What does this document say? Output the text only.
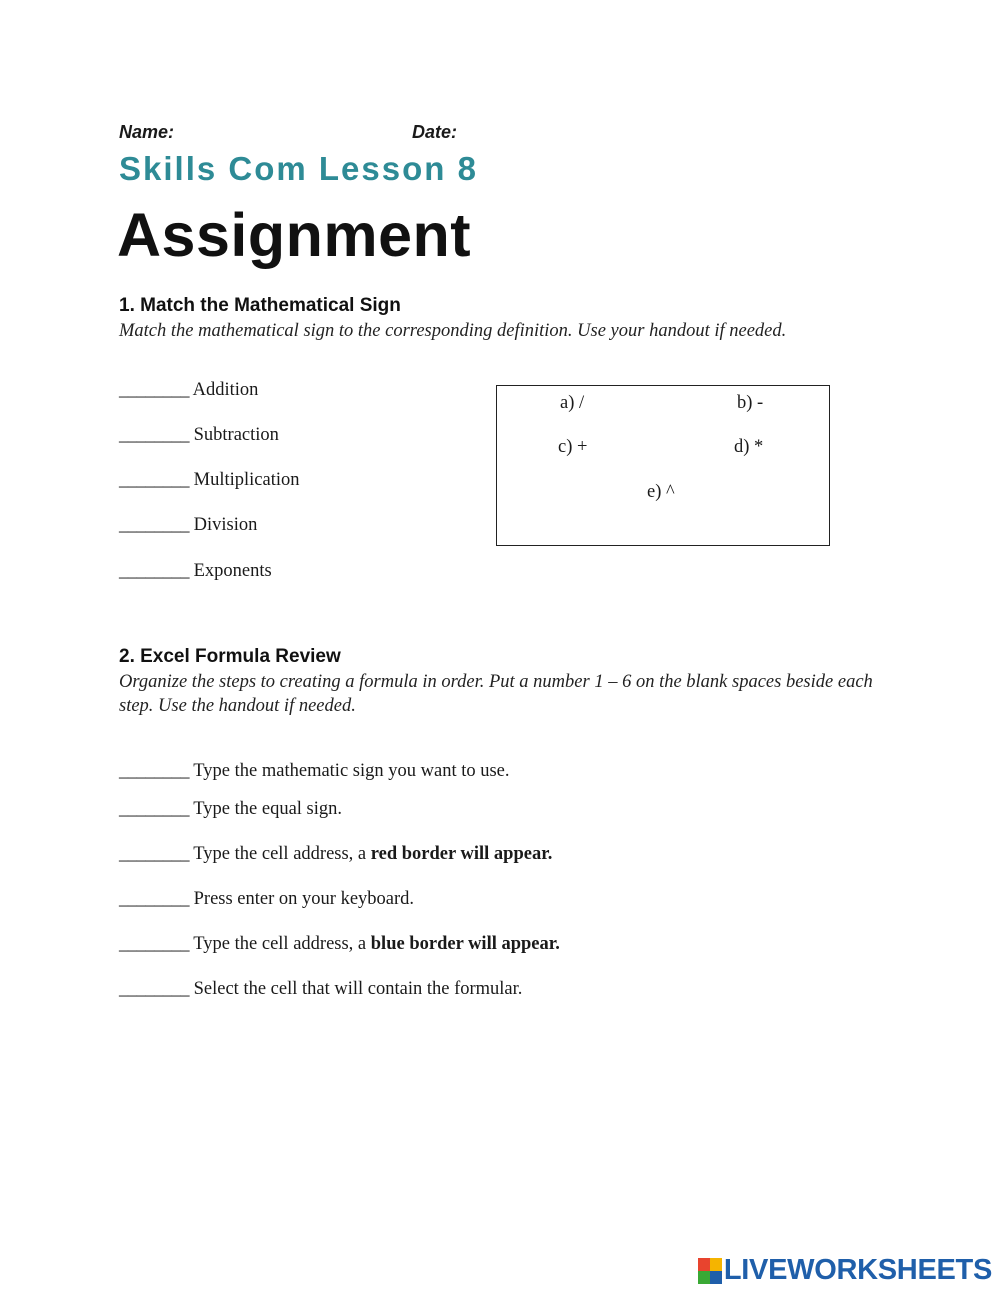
Name:	Date:
Skills Com Lesson 8
Assignment
1. Match the Mathematical Sign
Match the mathematical sign to the corresponding definition. Use your handout if needed.
________ Addition
________ Subtraction
________ Multiplication
________ Division
________ Exponents
a) /	b) -
c) +	d) *
e) ^
2. Excel Formula Review
Organize the steps to creating a formula in order. Put a number 1 – 6 on the blank spaces beside each step. Use the handout if needed.
________ Type the mathematic sign you want to use.
________ Type the equal sign.
________ Type the cell address, a red border will appear.
________ Press enter on your keyboard.
________ Type the cell address, a blue border will appear.
________ Select the cell that will contain the formular.
LIVEWORKSHEETS
